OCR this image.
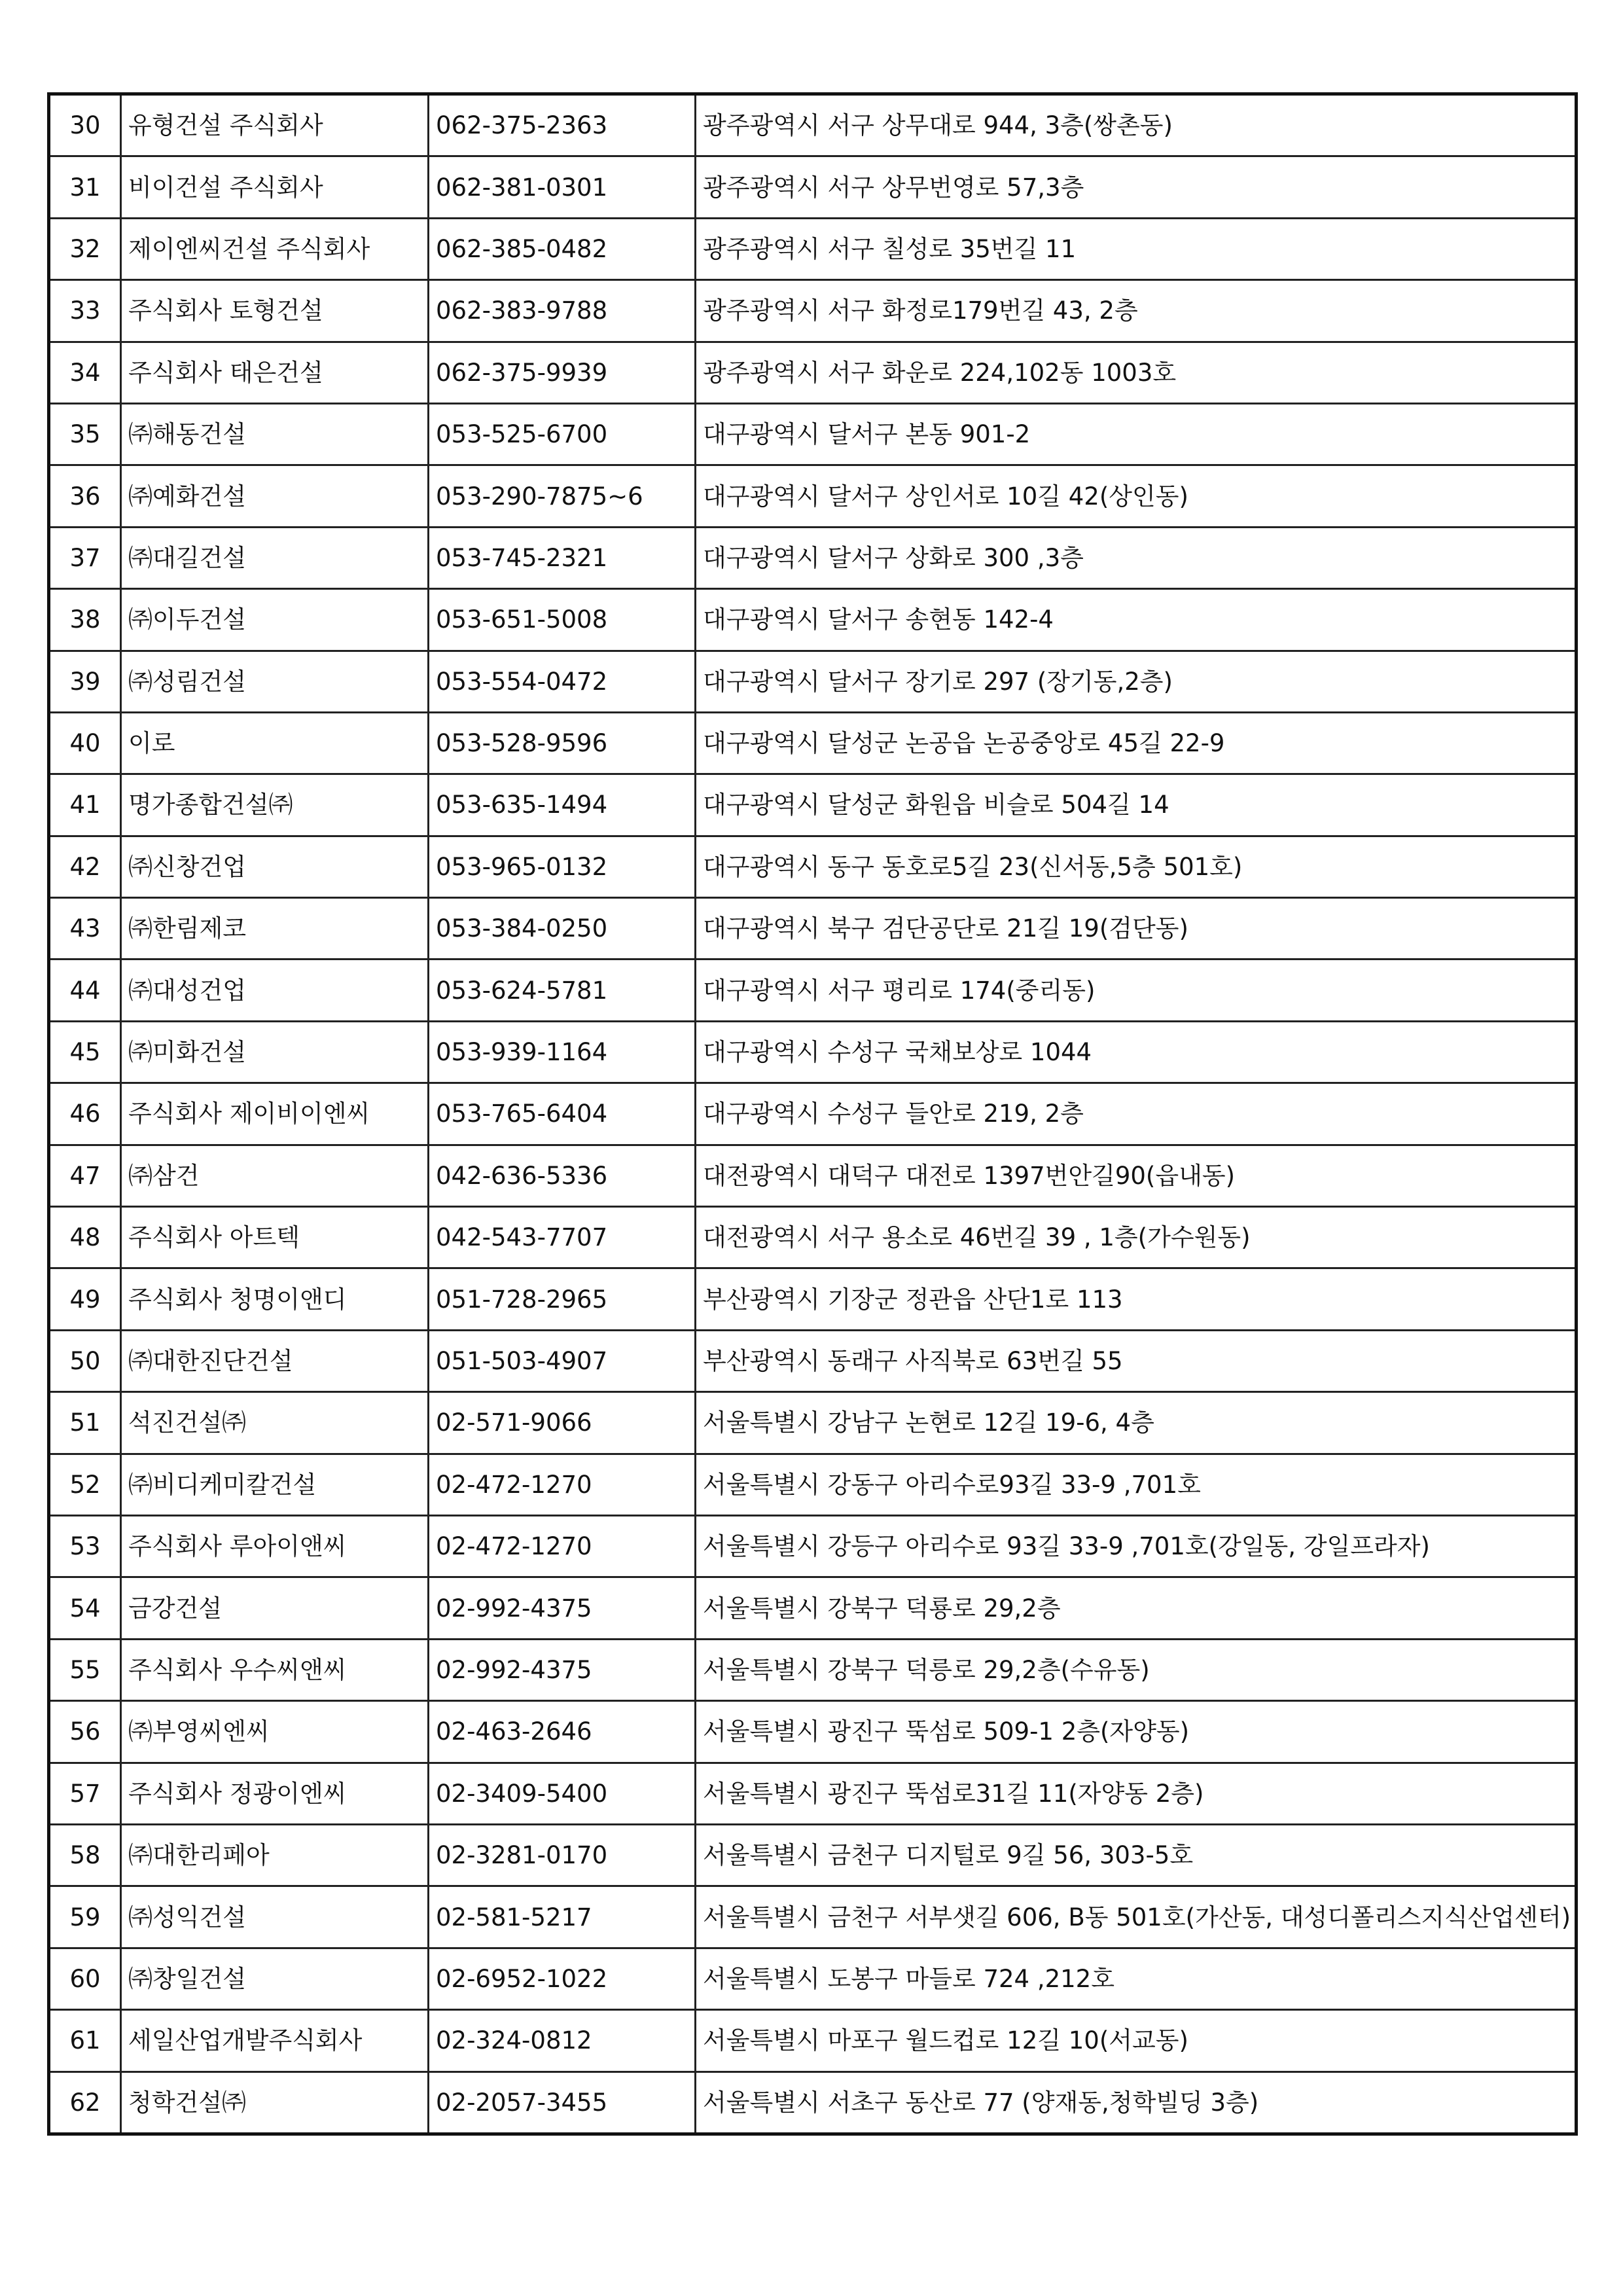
30	유형건설 주식회사	062-375-2363	광주광역시 서구 상무대로 944, 3층(쌍촌동)
31	비이건설 주식회사	062-381-0301	광주광역시 서구 상무번영로 57,3층
32	제이엔씨건설 주식회사	062-385-0482	광주광역시 서구 칠성로 35번길 11
33	주식회사 토형건설	062-383-9788	광주광역시 서구 화정로179번길 43, 2층
34	주식회사 태은건설	062-375-9939	광주광역시 서구 화운로 224,102동 1003호
35	㈜해동건설	053-525-6700	대구광역시 달서구 본동 901-2
36	㈜예화건설	053-290-7875~6	대구광역시 달서구 상인서로 10길 42(상인동)
37	㈜대길건설	053-745-2321	대구광역시 달서구 상화로 300 ,3층
38	㈜이두건설	053-651-5008	대구광역시 달서구 송현동 142-4
39	㈜성림건설	053-554-0472	대구광역시 달서구 장기로 297 (장기동,2층)
40	이로	053-528-9596	대구광역시 달성군 논공읍 논공중앙로 45길 22-9
41	명가종합건설㈜	053-635-1494	대구광역시 달성군 화원읍 비슬로 504길 14
42	㈜신창건업	053-965-0132	대구광역시 동구 동호로5길 23(신서동,5층 501호)
43	㈜한림제코	053-384-0250	대구광역시 북구 검단공단로 21길 19(검단동)
44	㈜대성건업	053-624-5781	대구광역시 서구 평리로 174(중리동)
45	㈜미화건설	053-939-1164	대구광역시 수성구 국채보상로 1044
46	주식회사 제이비이엔씨	053-765-6404	대구광역시 수성구 들안로 219, 2층
47	㈜삼건	042-636-5336	대전광역시 대덕구 대전로 1397번안길90(읍내동)
48	주식회사 아트텍	042-543-7707	대전광역시 서구 용소로 46번길 39 , 1층(가수원동)
49	주식회사 청명이앤디	051-728-2965	부산광역시 기장군 정관읍 산단1로 113
50	㈜대한진단건설	051-503-4907	부산광역시 동래구 사직북로 63번길 55
51	석진건설㈜	02-571-9066	서울특별시 강남구 논현로 12길 19-6, 4층
52	㈜비디케미칼건설	02-472-1270	서울특별시 강동구 아리수로93길 33-9 ,701호
53	주식회사 루아이앤씨	02-472-1270	서울특별시 강등구 아리수로 93길 33-9 ,701호(강일동, 강일프라자)
54	금강건설	02-992-4375	서울특별시 강북구 덕룡로 29,2층
55	주식회사 우수씨앤씨	02-992-4375	서울특별시 강북구 덕릉로 29,2층(수유동)
56	㈜부영씨엔씨	02-463-2646	서울특별시 광진구 뚝섬로 509-1 2층(자양동)
57	주식회사 정광이엔씨	02-3409-5400	서울특별시 광진구 뚝섬로31길 11(자양동 2층)
58	㈜대한리페아	02-3281-0170	서울특별시 금천구 디지털로 9길 56, 303-5호
59	㈜성익건설	02-581-5217	서울특별시 금천구 서부샛길 606, B동 501호(가산동, 대성디폴리스지식산업센터)
60	㈜창일건설	02-6952-1022	서울특별시 도봉구 마들로 724 ,212호
61	세일산업개발주식회사	02-324-0812	서울특별시 마포구 월드컵로 12길 10(서교동)
62	청학건설㈜	02-2057-3455	서울특별시 서초구 동산로 77 (양재동,청학빌딩 3층)
